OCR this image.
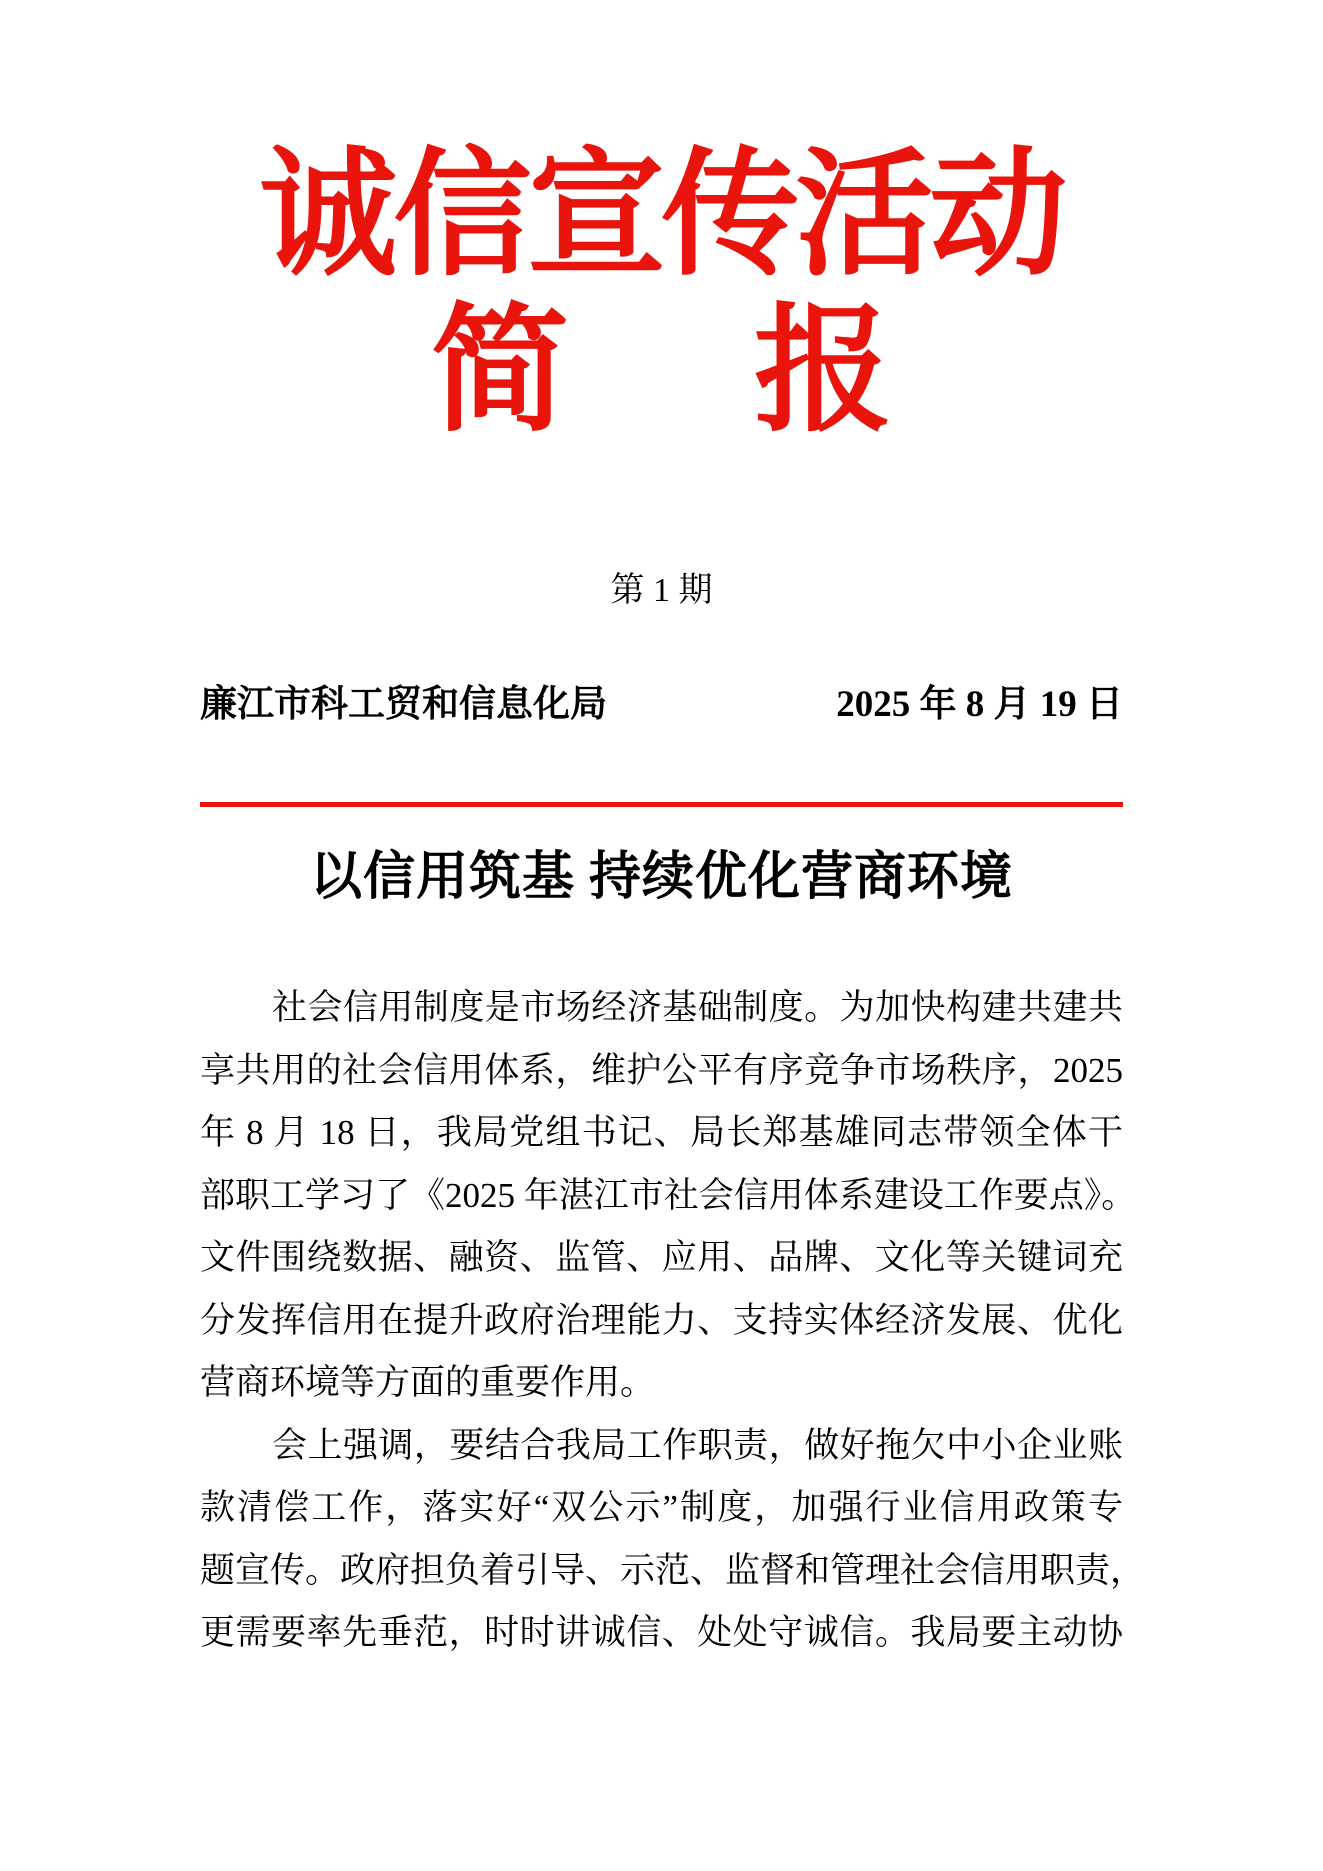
诚信宣传活动
简 报
第 1 期
廉江市科工贸和信息化局	2025 年 8 月 19 日
以信用筑基 持续优化营商环境
社会信用制度是市场经济基础制度。为加快构建共建共
享共用的社会信用体系，维护公平有序竞争市场秩序，2025
年 8 月 18 日，我局党组书记、局长郑基雄同志带领全体干
部职工学习了《2025 年湛江市社会信用体系建设工作要点》。
文件围绕数据、融资、监管、应用、品牌、文化等关键词充
分发挥信用在提升政府治理能力、支持实体经济发展、优化
营商环境等方面的重要作用。
会上强调，要结合我局工作职责，做好拖欠中小企业账
款清偿工作，落实好“双公示”制度，加强行业信用政策专
题宣传。政府担负着引导、示范、监督和管理社会信用职责，
更需要率先垂范，时时讲诚信、处处守诚信。我局要主动协
